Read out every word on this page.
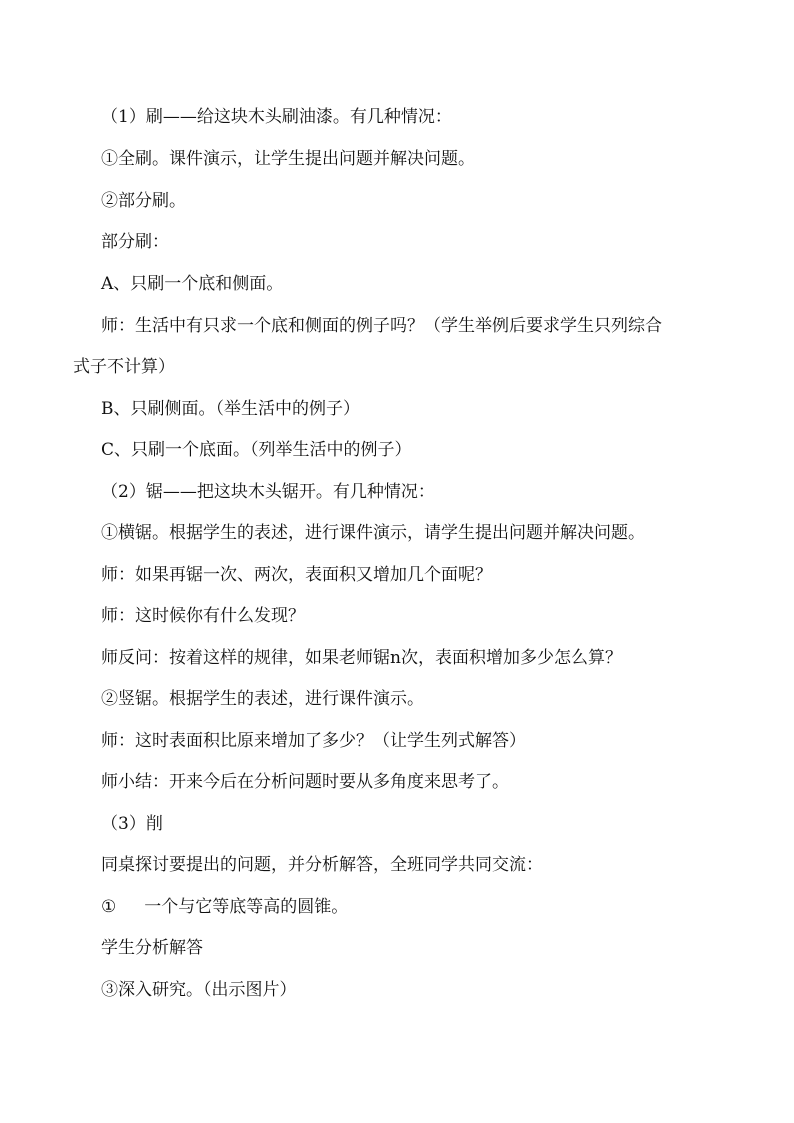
（1）刷——给这块木头刷油漆。有几种情况：
①全刷。课件演示，让学生提出问题并解决问题。
②部分刷。
部分刷：
A、只刷一个底和侧面。
师：生活中有只求一个底和侧面的例子吗？（学生举例后要求学生只列综合
式子不计算）
B、只刷侧面。（举生活中的例子）
C、只刷一个底面。（列举生活中的例子）
（2）锯——把这块木头锯开。有几种情况：
①横锯。根据学生的表述，进行课件演示，请学生提出问题并解决问题。
师：如果再锯一次、两次，表面积又增加几个面呢？
师：这时候你有什么发现？
师反问：按着这样的规律，如果老师锯n次，表面积增加多少怎么算？
②竖锯。根据学生的表述，进行课件演示。
师：这时表面积比原来增加了多少？（让学生列式解答）
师小结：开来今后在分析问题时要从多角度来思考了。
（3）削
同桌探讨要提出的问题，并分析解答，全班同学共同交流：
① 一个与它等底等高的圆锥。
学生分析解答
③深入研究。（出示图片）
